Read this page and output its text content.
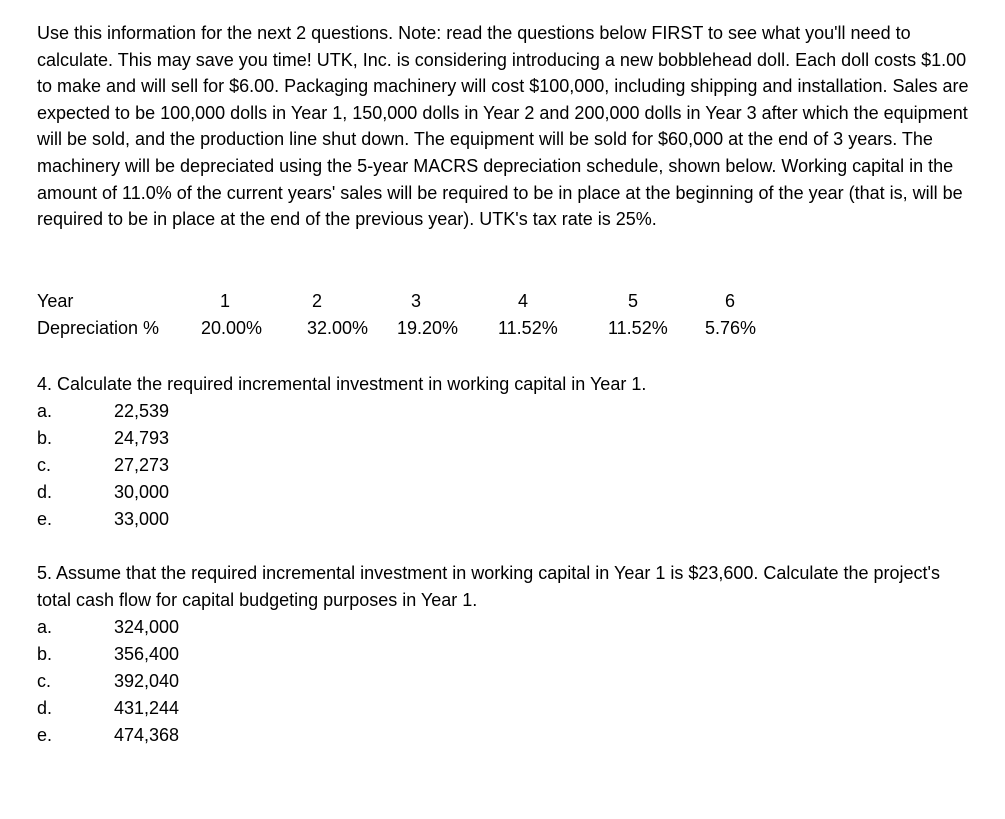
Use this information for the next 2 questions. Note: read the questions below FIRST to see what you'll need to calculate. This may save you time! UTK, Inc. is considering introducing a new bobblehead doll. Each doll costs $1.00 to make and will sell for $6.00. Packaging machinery will cost $100,000, including shipping and installation. Sales are expected to be 100,000 dolls in Year 1, 150,000 dolls in Year 2 and 200,000 dolls in Year 3 after which the equipment will be sold, and the production line shut down. The equipment will be sold for $60,000 at the end of 3 years. The machinery will be depreciated using the 5-year MACRS depreciation schedule, shown below. Working capital in the amount of 11.0% of the current years' sales will be required to be in place at the beginning of the year (that is, will be required to be in place at the end of the previous year). UTK's tax rate is 25%.

Year	1	2	3	4	5	6
Depreciation % 20.00% 32.00% 19.20% 11.52%	11.52% 5.76%

4. Calculate the required incremental investment in working capital in Year 1.

a.	22,539
b.	24,793
c.	27,273
d.	30,000
e.	33,000

5. Assume that the required incremental investment in working capital in Year 1 is $23,600. Calculate the project's total cash flow for capital budgeting purposes in Year 1.

a.	324,000
b.	356,400
c.	392,040
d.	431,244
e.	474,368
